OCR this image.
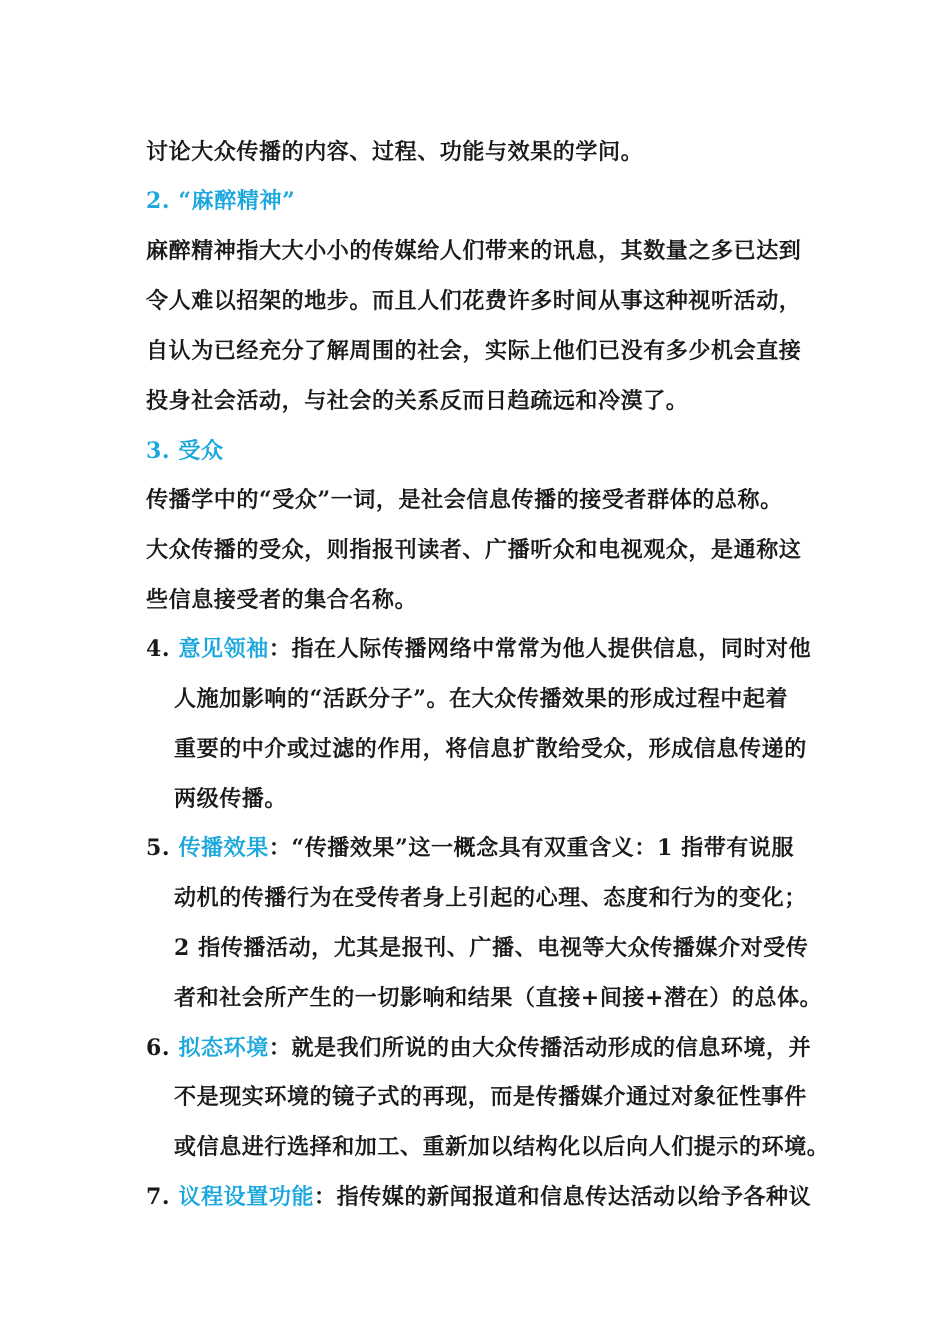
讨论大众传播的内容、过程、功能与效果的学问。
2. “麻醉精神”
麻醉精神指大大小小的传媒给人们带来的讯息，其数量之多已达到
令人难以招架的地步。而且人们花费许多时间从事这种视听活动，
自认为已经充分了解周围的社会，实际上他们已没有多少机会直接
投身社会活动，与社会的关系反而日趋疏远和冷漠了。
3. 受众
传播学中的“受众”一词，是社会信息传播的接受者群体的总称。
大众传播的受众，则指报刊读者、广播听众和电视观众，是通称这
些信息接受者的集合名称。
4. 意见领袖：指在人际传播网络中常常为他人提供信息，同时对他
人施加影响的“活跃分子”。在大众传播效果的形成过程中起着
重要的中介或过滤的作用，将信息扩散给受众，形成信息传递的
两级传播。
5. 传播效果：“传播效果”这一概念具有双重含义：1 指带有说服
动机的传播行为在受传者身上引起的心理、态度和行为的变化；
2 指传播活动，尤其是报刊、广播、电视等大众传播媒介对受传
者和社会所产生的一切影响和结果（直接+间接+潜在）的总体。
6. 拟态环境：就是我们所说的由大众传播活动形成的信息环境，并
不是现实环境的镜子式的再现，而是传播媒介通过对象征性事件
或信息进行选择和加工、重新加以结构化以后向人们提示的环境。
7. 议程设置功能：指传媒的新闻报道和信息传达活动以给予各种议
